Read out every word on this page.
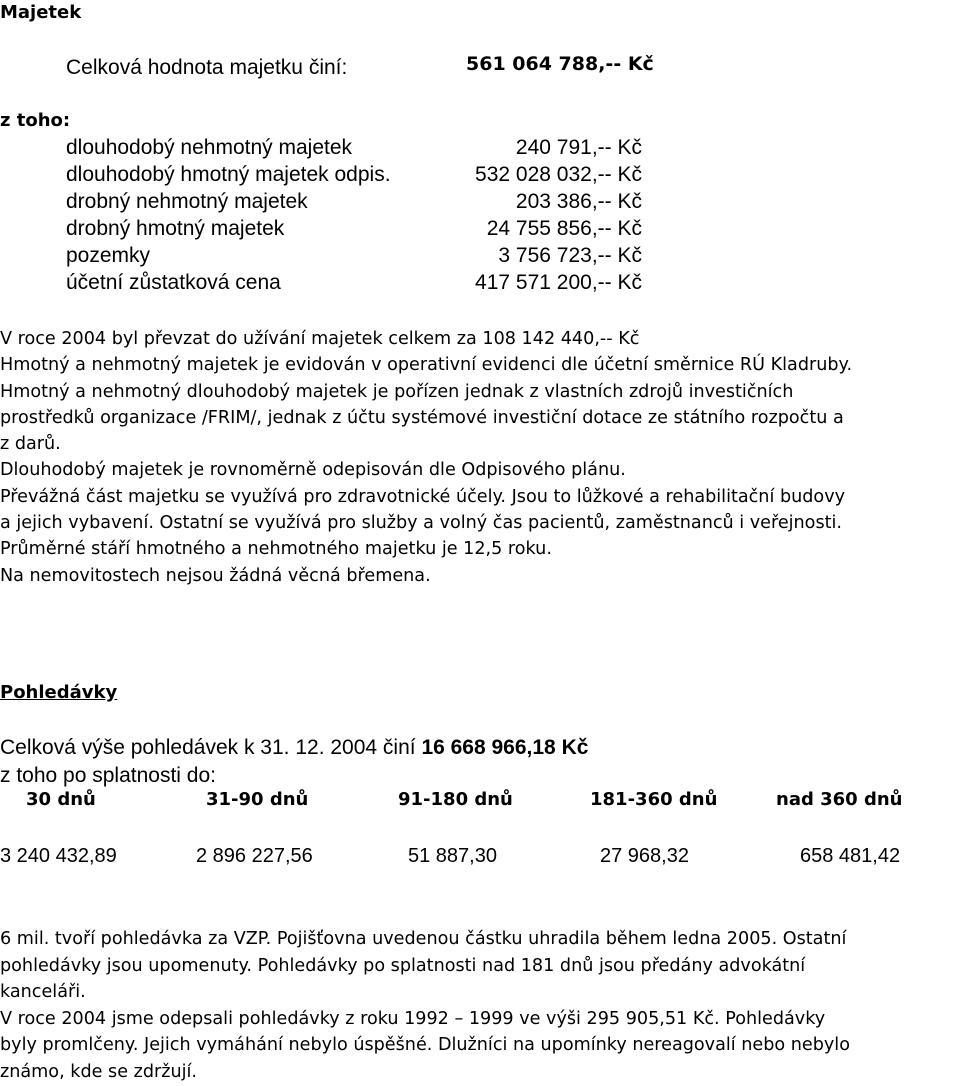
Majetek
Celková hodnota majetku činí:	561 064 788,-- Kč
z toho:
dlouhodobý nehmotný majetek	240 791,-- Kč
dlouhodobý hmotný majetek odpis.	532 028 032,-- Kč
drobný nehmotný majetek	203 386,-- Kč
drobný hmotný majetek	24 755 856,-- Kč
pozemky	3 756 723,-- Kč
účetní zůstatková cena	417 571 200,-- Kč
V roce 2004 byl převzat do užívání majetek celkem za 108 142 440,-- Kč
Hmotný a nehmotný majetek je evidován v operativní evidenci dle účetní směrnice RÚ Kladruby.
Hmotný a nehmotný dlouhodobý majetek je pořízen jednak z vlastních zdrojů investičních
prostředků organizace /FRIM/, jednak z účtu systémové investiční dotace ze státního rozpočtu a
z darů.
Dlouhodobý majetek je rovnoměrně odepisován dle Odpisového plánu.
Převážná část majetku se využívá pro zdravotnické účely. Jsou to lůžkové a rehabilitační budovy
a jejich vybavení. Ostatní se využívá pro služby a volný čas pacientů, zaměstnanců i veřejnosti.
Průměrné stáří hmotného a nehmotného majetku je 12,5 roku.
Na nemovitostech nejsou žádná věcná břemena.
Pohledávky
Celková výše pohledávek k 31. 12. 2004 činí 16 668 966,18 Kč
z toho po splatnosti do:
30 dnů	31-90 dnů	91-180 dnů	181-360 dnů	nad 360 dnů
3 240 432,89	2 896 227,56	51 887,30	27 968,32	658 481,42
6 mil. tvoří pohledávka za VZP. Pojišťovna uvedenou částku uhradila během ledna 2005. Ostatní
pohledávky jsou upomenuty. Pohledávky po splatnosti nad 181 dnů jsou předány advokátní
kanceláři.
V roce 2004 jsme odepsali pohledávky z roku 1992 – 1999 ve výši 295 905,51 Kč. Pohledávky
byly promlčeny. Jejich vymáhání nebylo úspěšné. Dlužníci na upomínky nereagovalí nebo nebylo
známo, kde se zdržují.
